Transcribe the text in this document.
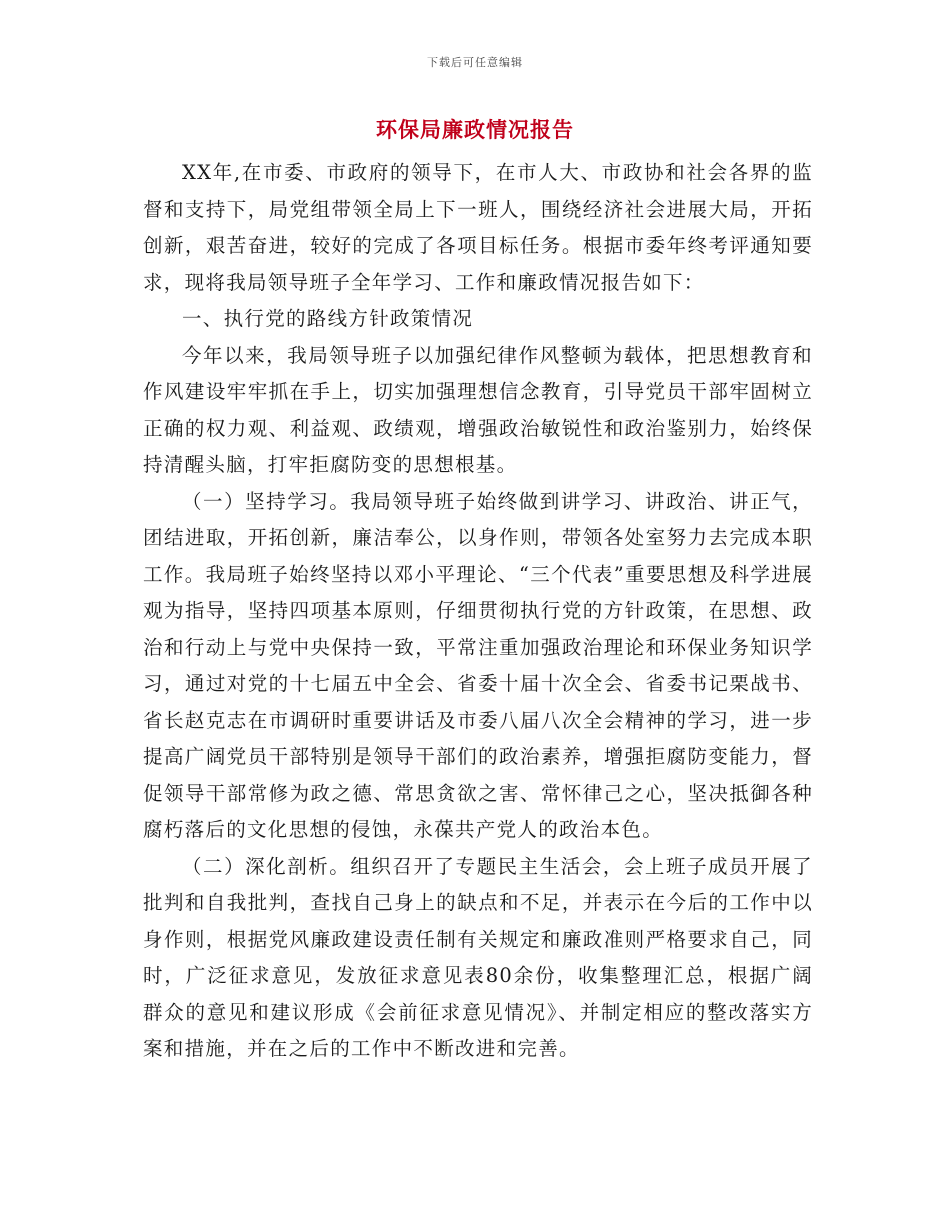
下载后可任意编辑
环保局廉政情况报告

XX年,在市委、市政府的领导下，在市人大、市政协和社会各界的监督和支持下，局党组带领全局上下一班人，围绕经济社会进展大局，开拓创新，艰苦奋进，较好的完成了各项目标任务。根据市委年终考评通知要求，现将我局领导班子全年学习、工作和廉政情况报告如下：

一、执行党的路线方针政策情况

今年以来，我局领导班子以加强纪律作风整顿为载体，把思想教育和作风建设牢牢抓在手上，切实加强理想信念教育，引导党员干部牢固树立正确的权力观、利益观、政绩观，增强政治敏锐性和政治鉴别力，始终保持清醒头脑，打牢拒腐防变的思想根基。

（一）坚持学习。我局领导班子始终做到讲学习、讲政治、讲正气，团结进取，开拓创新，廉洁奉公，以身作则，带领各处室努力去完成本职工作。我局班子始终坚持以邓小平理论、“三个代表”重要思想及科学进展观为指导，坚持四项基本原则，仔细贯彻执行党的方针政策，在思想、政治和行动上与党中央保持一致，平常注重加强政治理论和环保业务知识学习，通过对党的十七届五中全会、省委十届十次全会、省委书记栗战书、省长赵克志在市调研时重要讲话及市委八届八次全会精神的学习，进一步提高广阔党员干部特别是领导干部们的政治素养，增强拒腐防变能力，督促领导干部常修为政之德、常思贪欲之害、常怀律己之心，坚决抵御各种腐朽落后的文化思想的侵蚀，永葆共产党人的政治本色。

（二）深化剖析。组织召开了专题民主生活会，会上班子成员开展了批判和自我批判，查找自己身上的缺点和不足，并表示在今后的工作中以身作则，根据党风廉政建设责任制有关规定和廉政准则严格要求自己，同时，广泛征求意见，发放征求意见表80余份，收集整理汇总，根据广阔群众的意见和建议形成《会前征求意见情况》、并制定相应的整改落实方案和措施，并在之后的工作中不断改进和完善。
